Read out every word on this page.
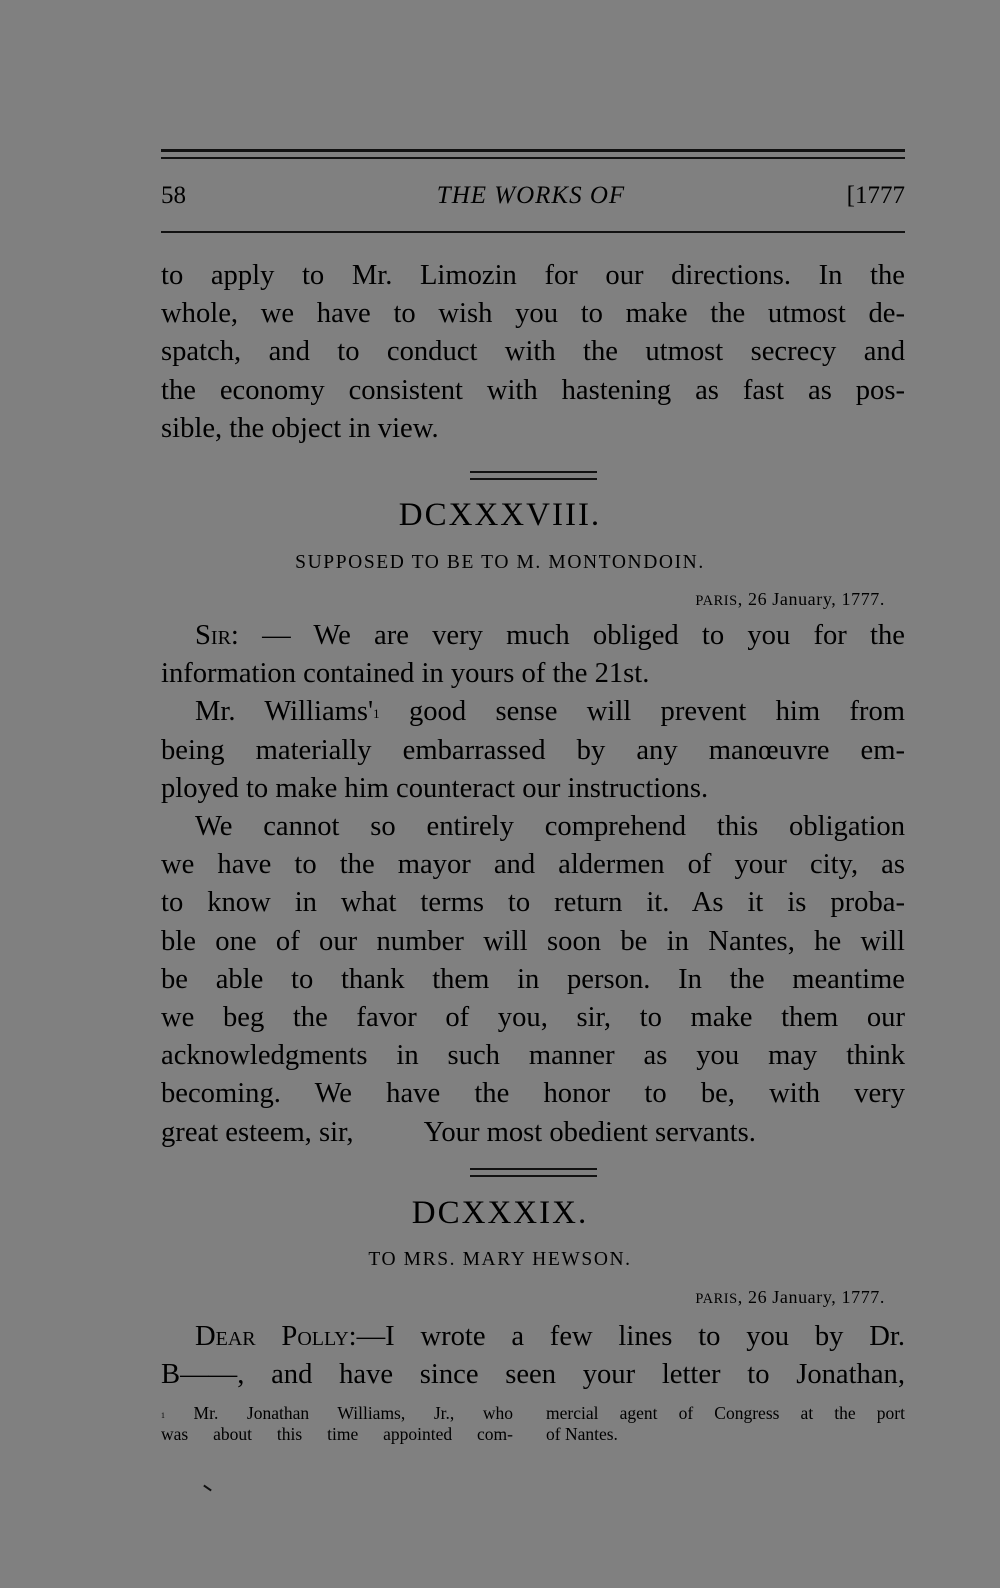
58	THE WORKS OF	[1777
to apply to Mr. Limozin for our directions. In the
whole, we have to wish you to make the utmost de-
spatch, and to conduct with the utmost secrecy and
the economy consistent with hastening as fast as pos-
sible, the object in view.
DCXXXVIII.
SUPPOSED TO BE TO M. MONTONDOIN.
PARIS, 26 January, 1777.
Sir: — We are very much obliged to you for the
information contained in yours of the 21st.
Mr. $Williams'^1$ good sense will prevent him from
being materially embarrassed by any manœuvre em-
ployed to make him counteract our instructions.
We cannot so entirely comprehend this obligation
we have to the mayor and aldermen of your city, as
to know in what terms to return it. As it is proba-
ble one of our number will soon be in Nantes, he will
be able to thank them in person. In the meantime
we beg the favor of you, sir, to make them our
acknowledgments in such manner as you may think
becoming. We have the honor to be, with very
great esteem, sir, Your most obedient servants.
DCXXXIX.
TO MRS. MARY HEWSON.
PARIS, 26 January, 1777.
Dear Polly:—I wrote a few lines to you by Dr.
B——, and have since seen your letter to Jonathan,
$^1$ Mr. Jonathan Williams, Jr., who
was about this time appointed com-
mercial agent of Congress at the port
of Nantes.
